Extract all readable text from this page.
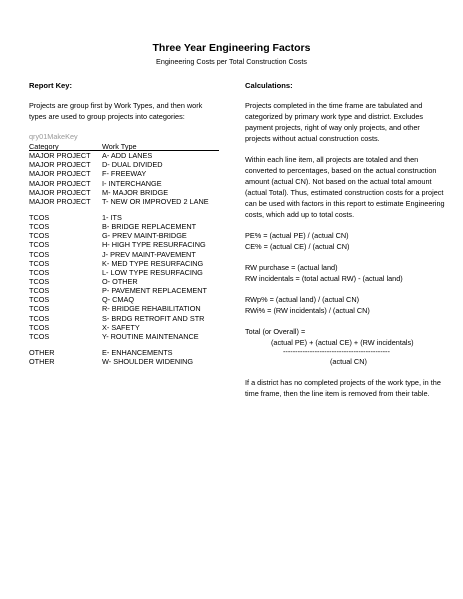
Three Year Engineering Factors
Engineering Costs per Total Construction Costs
Report Key:
Projects are group first by Work Types, and then work types are used to group projects into categories:
qry01MakeKey
Category	Work Type
MAJOR PROJECT	A- ADD LANES
MAJOR PROJECT	D- DUAL DIVIDED
MAJOR PROJECT	F- FREEWAY
MAJOR PROJECT	I- INTERCHANGE
MAJOR PROJECT	M- MAJOR BRIDGE
MAJOR PROJECT	T- NEW OR IMPROVED 2 LANE
TCOS	1- ITS
TCOS	B- BRIDGE REPLACEMENT
TCOS	G- PREV MAINT-BRIDGE
TCOS	H- HIGH TYPE RESURFACING
TCOS	J- PREV MAINT-PAVEMENT
TCOS	K- MED TYPE RESURFACING
TCOS	L- LOW TYPE RESURFACING
TCOS	O- OTHER
TCOS	P- PAVEMENT REPLACEMENT
TCOS	Q- CMAQ
TCOS	R- BRIDGE REHABILITATION
TCOS	S- BRDG RETROFIT AND STR
TCOS	X- SAFETY
TCOS	Y- ROUTINE MAINTENANCE
OTHER	E- ENHANCEMENTS
OTHER	W- SHOULDER WIDENING
Calculations:
Projects completed in the time frame are tabulated and categorized by primary work type and district. Excludes payment projects, right of way only projects, and other projects without actual construction costs.
Within each line item, all projects are totaled and then converted to percentages, based on the actual construction amount (actual CN). Not based on the actual total amount (actual Total). Thus, estimated construction costs for a project can be used with factors in this report to estimate Engineering costs, which add up to total costs.
PE% = (actual PE) / (actual CN)
CE% = (actual CE) / (actual CN)
RW purchase = (actual land)
RW incidentals = (total actual RW) - (actual land)
RWp% = (actual land) / (actual CN)
RWi% = (RW incidentals) / (actual CN)
Total (or Overall) =
(actual PE) + (actual CE) + (RW incidentals)
--------------------------------------------
(actual CN)
If a district has no completed projects of the work type, in the time frame, then the line item is removed from their table.
